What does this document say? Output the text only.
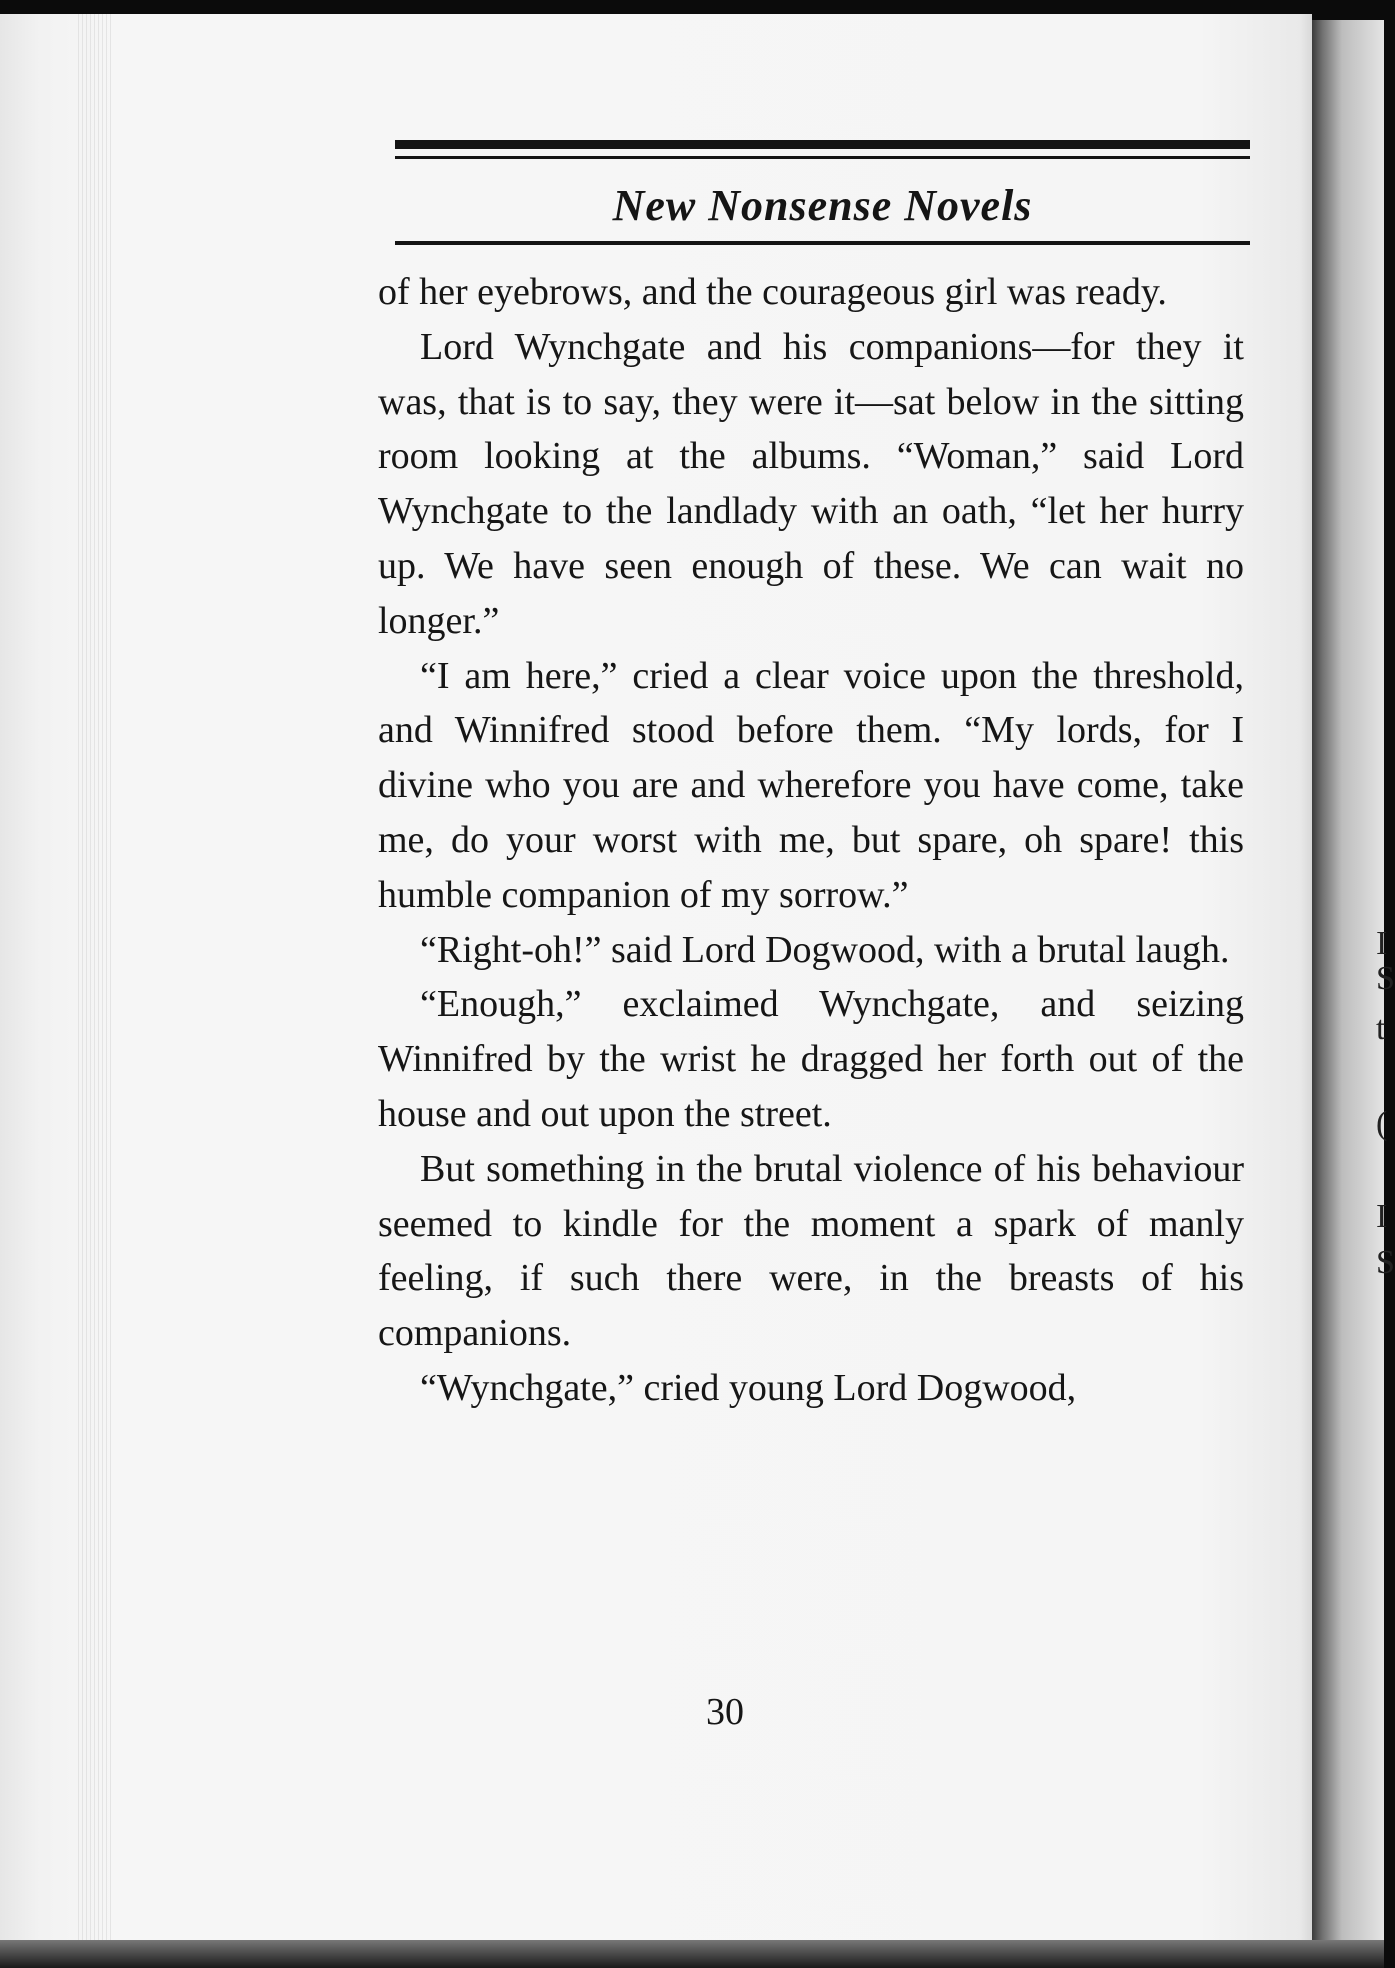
I
S
t
(
I
S
New Nonsense Novels

of her eyebrows, and the courageous girl was ready.

Lord Wynchgate and his companions—for they it was, that is to say, they were it—sat below in the sitting room looking at the albums. “Woman,” said Lord Wynchgate to the landlady with an oath, “let her hurry up. We have seen enough of these. We can wait no longer.”

“I am here,” cried a clear voice upon the threshold, and Winnifred stood before them. “My lords, for I divine who you are and wherefore you have come, take me, do your worst with me, but spare, oh spare! this humble companion of my sorrow.”

“Right-oh!” said Lord Dogwood, with a brutal laugh.

“Enough,” exclaimed Wynchgate, and seizing Winnifred by the wrist he dragged her forth out of the house and out upon the street.

But something in the brutal violence of his behaviour seemed to kindle for the moment a spark of manly feeling, if such there were, in the breasts of his companions.

“Wynchgate,” cried young Lord Dogwood,

30
